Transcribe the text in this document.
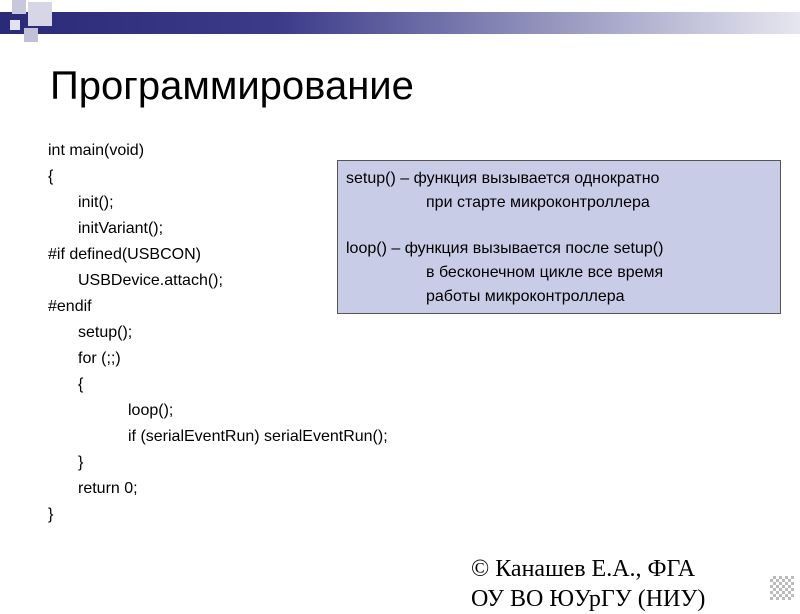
Программирование
int main(void)
{
init();
initVariant();
#if defined(USBCON)
USBDevice.attach();
#endif
setup();
for (;;)
{
loop();
if (serialEventRun) serialEventRun();
}
return 0;
}
setup() – функция вызывается однократно
при старте микроконтроллера
loop() – функция вызывается после setup()
в бесконечном цикле все время
работы микроконтроллера
© Канашев Е.А., ФГА
ОУ ВО ЮУрГУ (НИУ)
